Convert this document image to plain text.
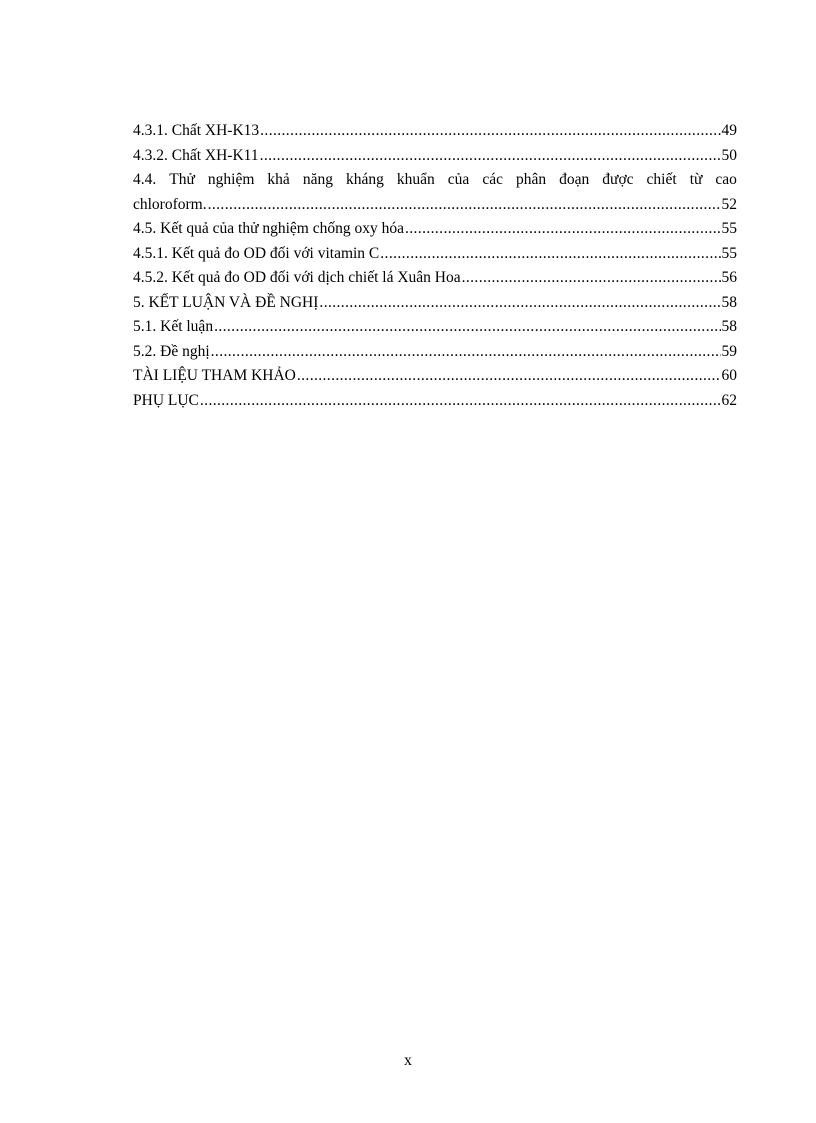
4.3.1. Chất XH-K13 .....	49
4.3.2. Chất XH-K11 .....	50
4.4. Thử nghiệm khả năng kháng khuẩn của các phân đoạn được chiết từ cao
chloroform. .....	52
4.5. Kết quả của thử nghiệm chống oxy hóa .....	55
4.5.1. Kết quả đo OD đối với vitamin C .....	55
4.5.2. Kết quả đo OD đối với dịch chiết lá Xuân Hoa .....	56
5. KẾT LUẬN VÀ ĐỀ NGHỊ .....	58
5.1. Kết luận .....	58
5.2. Đề nghị .....	59
TÀI LIỆU THAM KHẢO .....	60
PHỤ LỤC .....	62
x
